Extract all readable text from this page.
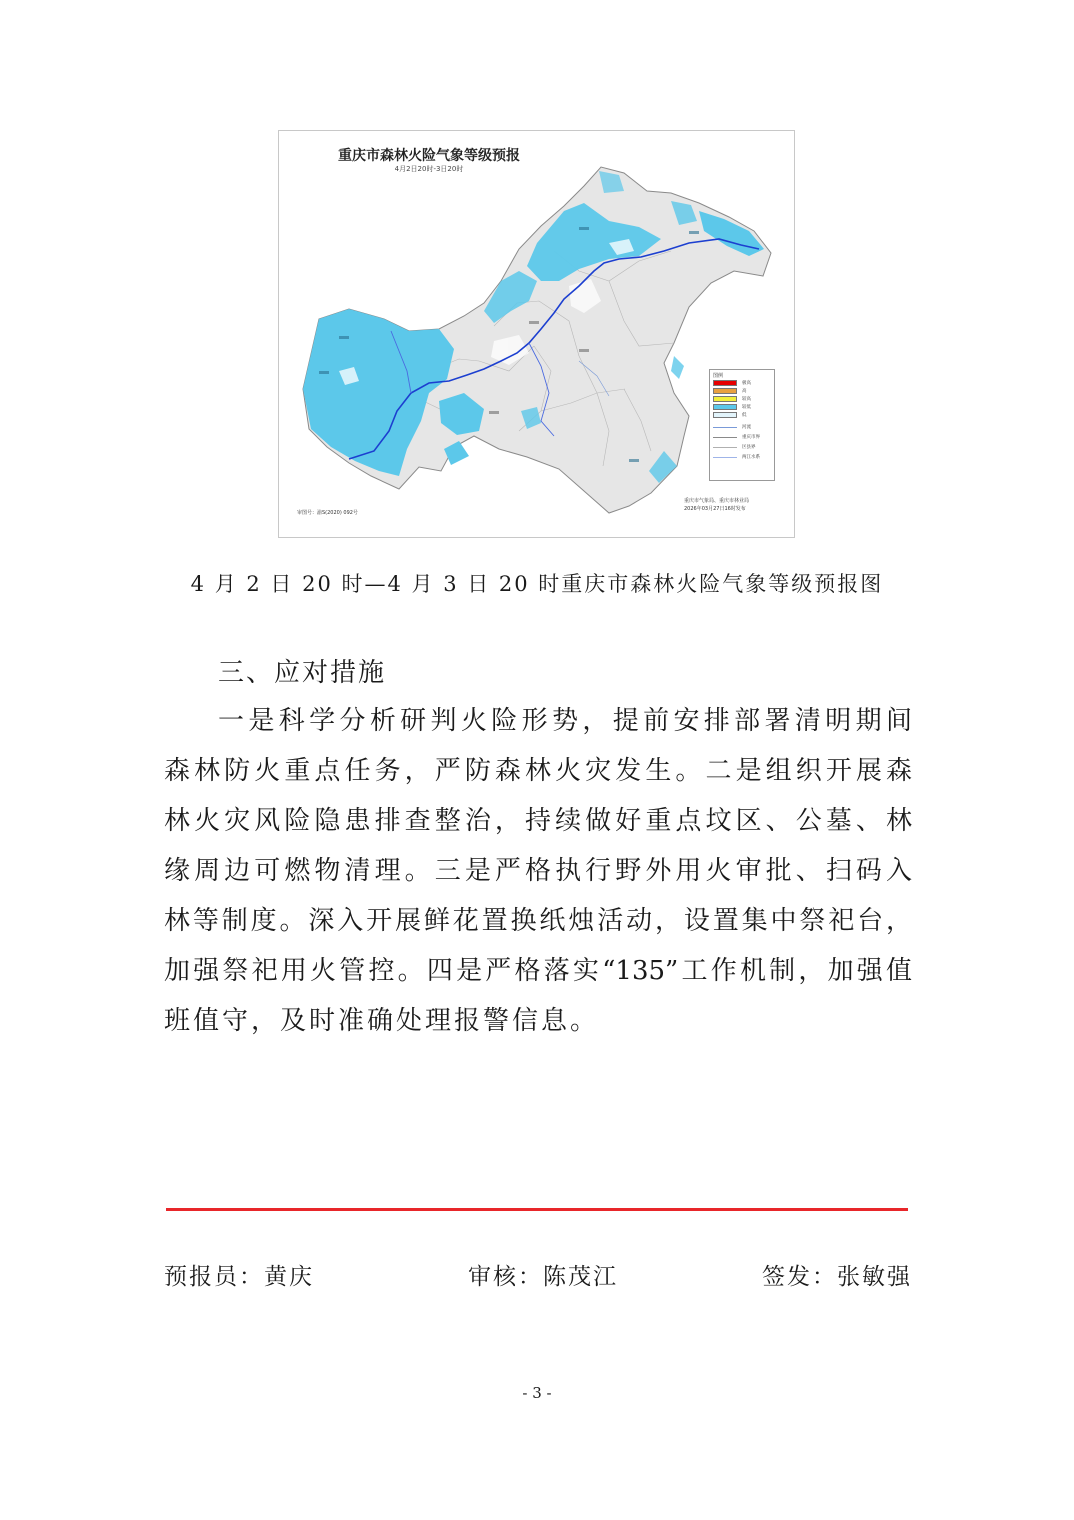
重庆市森林火险气象等级预报
4月2日20时-3日20时
图例
极高
高
较高
较低
低
河流
重庆市界
区县界
两江水系
审图号：渝S(2020) 092号
重庆市气象局、重庆市林业局
2026年03月27日16时发布
4 月 2 日 20 时—4 月 3 日 20 时重庆市森林火险气象等级预报图
三、应对措施
一是科学分析研判火险形势，提前安排部署清明期间
森林防火重点任务，严防森林火灾发生。二是组织开展森
林火灾风险隐患排查整治，持续做好重点坟区、公墓、林
缘周边可燃物清理。三是严格执行野外用火审批、扫码入
林等制度。深入开展鲜花置换纸烛活动，设置集中祭祀台，
加强祭祀用火管控。四是严格落实“135”工作机制，加强值
班值守，及时准确处理报警信息。
预报员：黄庆	审核：陈茂江	签发：张敏强
- 3 -
